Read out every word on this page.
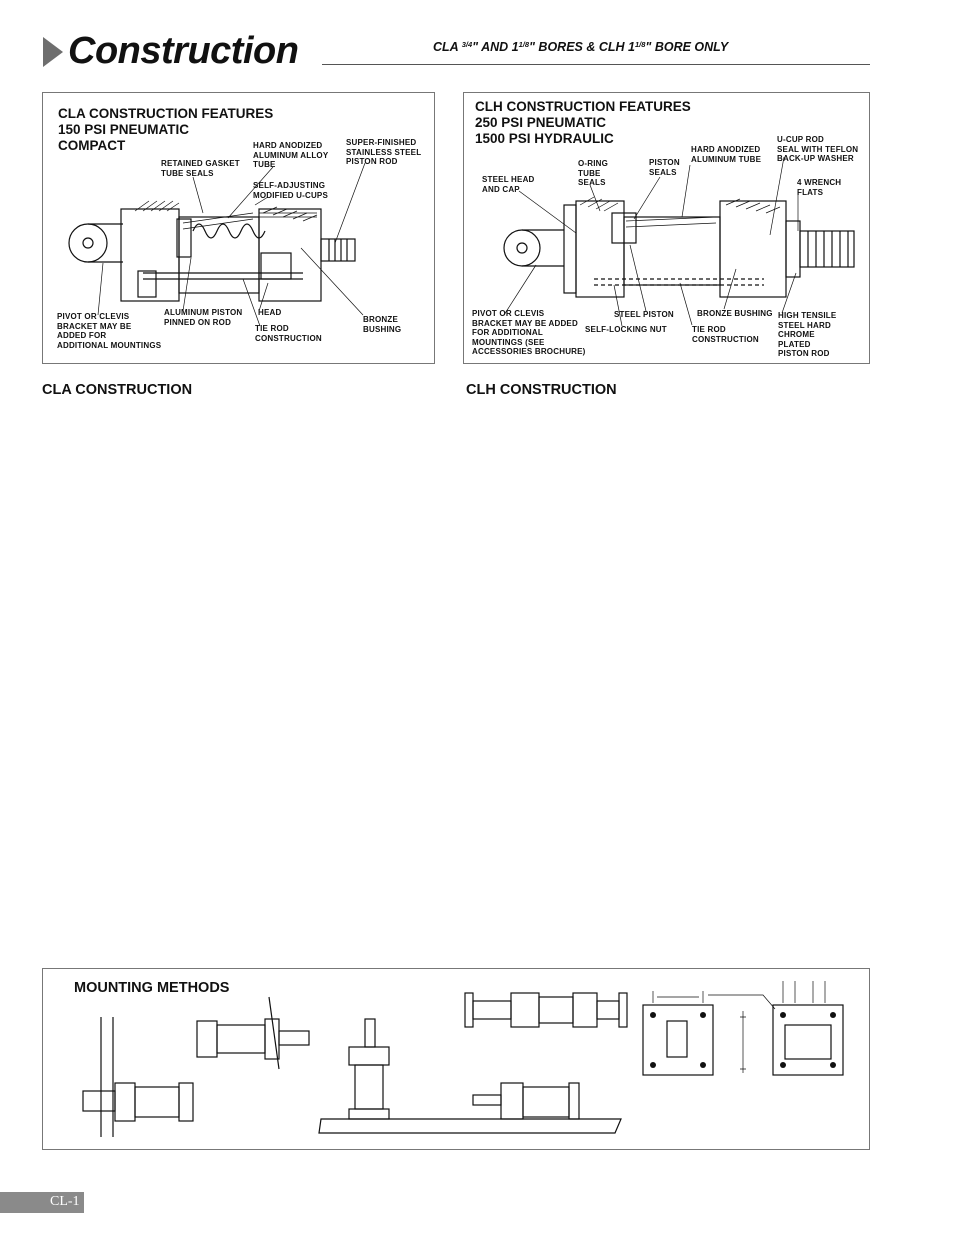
Construction	CLA $^{3/4}$" AND $1^{1/8}$" BORES & CLH $1^{1/8}$" BORE ONLY
CLA CONSTRUCTION FEATURES
150 PSI PNEUMATIC
COMPACT
RETAINED GASKET
TUBE SEALS
HARD ANODIZED
ALUMINUM ALLOY
TUBE
SUPER-FINISHED
STAINLESS STEEL
PISTON ROD
SELF-ADJUSTING
MODIFIED U-CUPS
PIVOT OR CLEVIS
BRACKET MAY BE
ADDED FOR
ADDITIONAL MOUNTINGS
ALUMINUM PISTON
PINNED ON ROD
HEAD
TIE ROD
CONSTRUCTION
BRONZE
BUSHING
CLA CONSTRUCTION
CLH CONSTRUCTION FEATURES
250 PSI PNEUMATIC
1500 PSI HYDRAULIC
STEEL HEAD
AND CAP
O-RING
TUBE
SEALS
PISTON
SEALS
HARD ANODIZED
ALUMINUM TUBE
U-CUP ROD
SEAL WITH TEFLON
BACK-UP WASHER
4 WRENCH
FLATS
PIVOT OR CLEVIS
BRACKET MAY BE ADDED
FOR ADDITIONAL
MOUNTINGS (SEE
ACCESSORIES BROCHURE)
STEEL PISTON
SELF-LOCKING NUT
BRONZE BUSHING
TIE ROD
CONSTRUCTION
HIGH TENSILE
STEEL HARD
CHROME
PLATED
PISTON ROD
CLH CONSTRUCTION
MOUNTING METHODS
CL-1
